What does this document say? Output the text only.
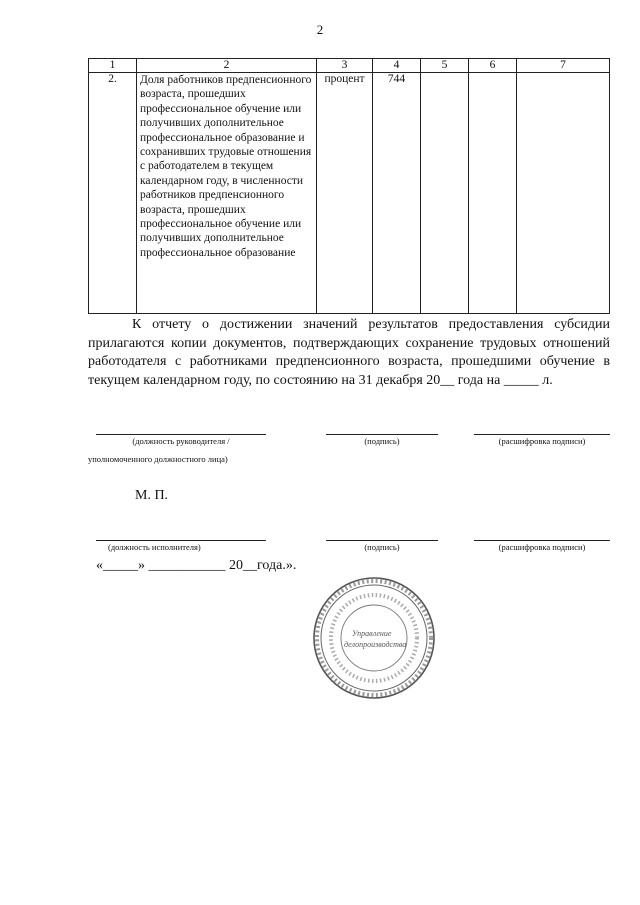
2
1	2	3	4	5	6	7
2.	Доля работников предпенсионного возраста, прошедших профессиональное обучение или получивших дополнительное профессиональное образование и сохранивших трудовые отношения с работодателем в текущем календарном году, в численности работников предпенсионного возраста, прошедших профессиональное обучение или получивших дополнительное профессиональное образование	процент	744			
К отчету о достижении значений результатов предоставления субсидии прилагаются копии документов, подтверждающих сохранение трудовых отношений работодателя с работниками предпенсионного возраста, прошедшими обучение в текущем календарном году, по состоянию на 31 декабря 20__ года на _____ л.
(должность руководителя /	(подпись)	(расшифровка подписи)
уполномоченного должностного лица)
М. П.
(должность исполнителя)	(подпись)	(расшифровка подписи)
«_____» ___________ 20__года.».
Управление
делопроизводства
